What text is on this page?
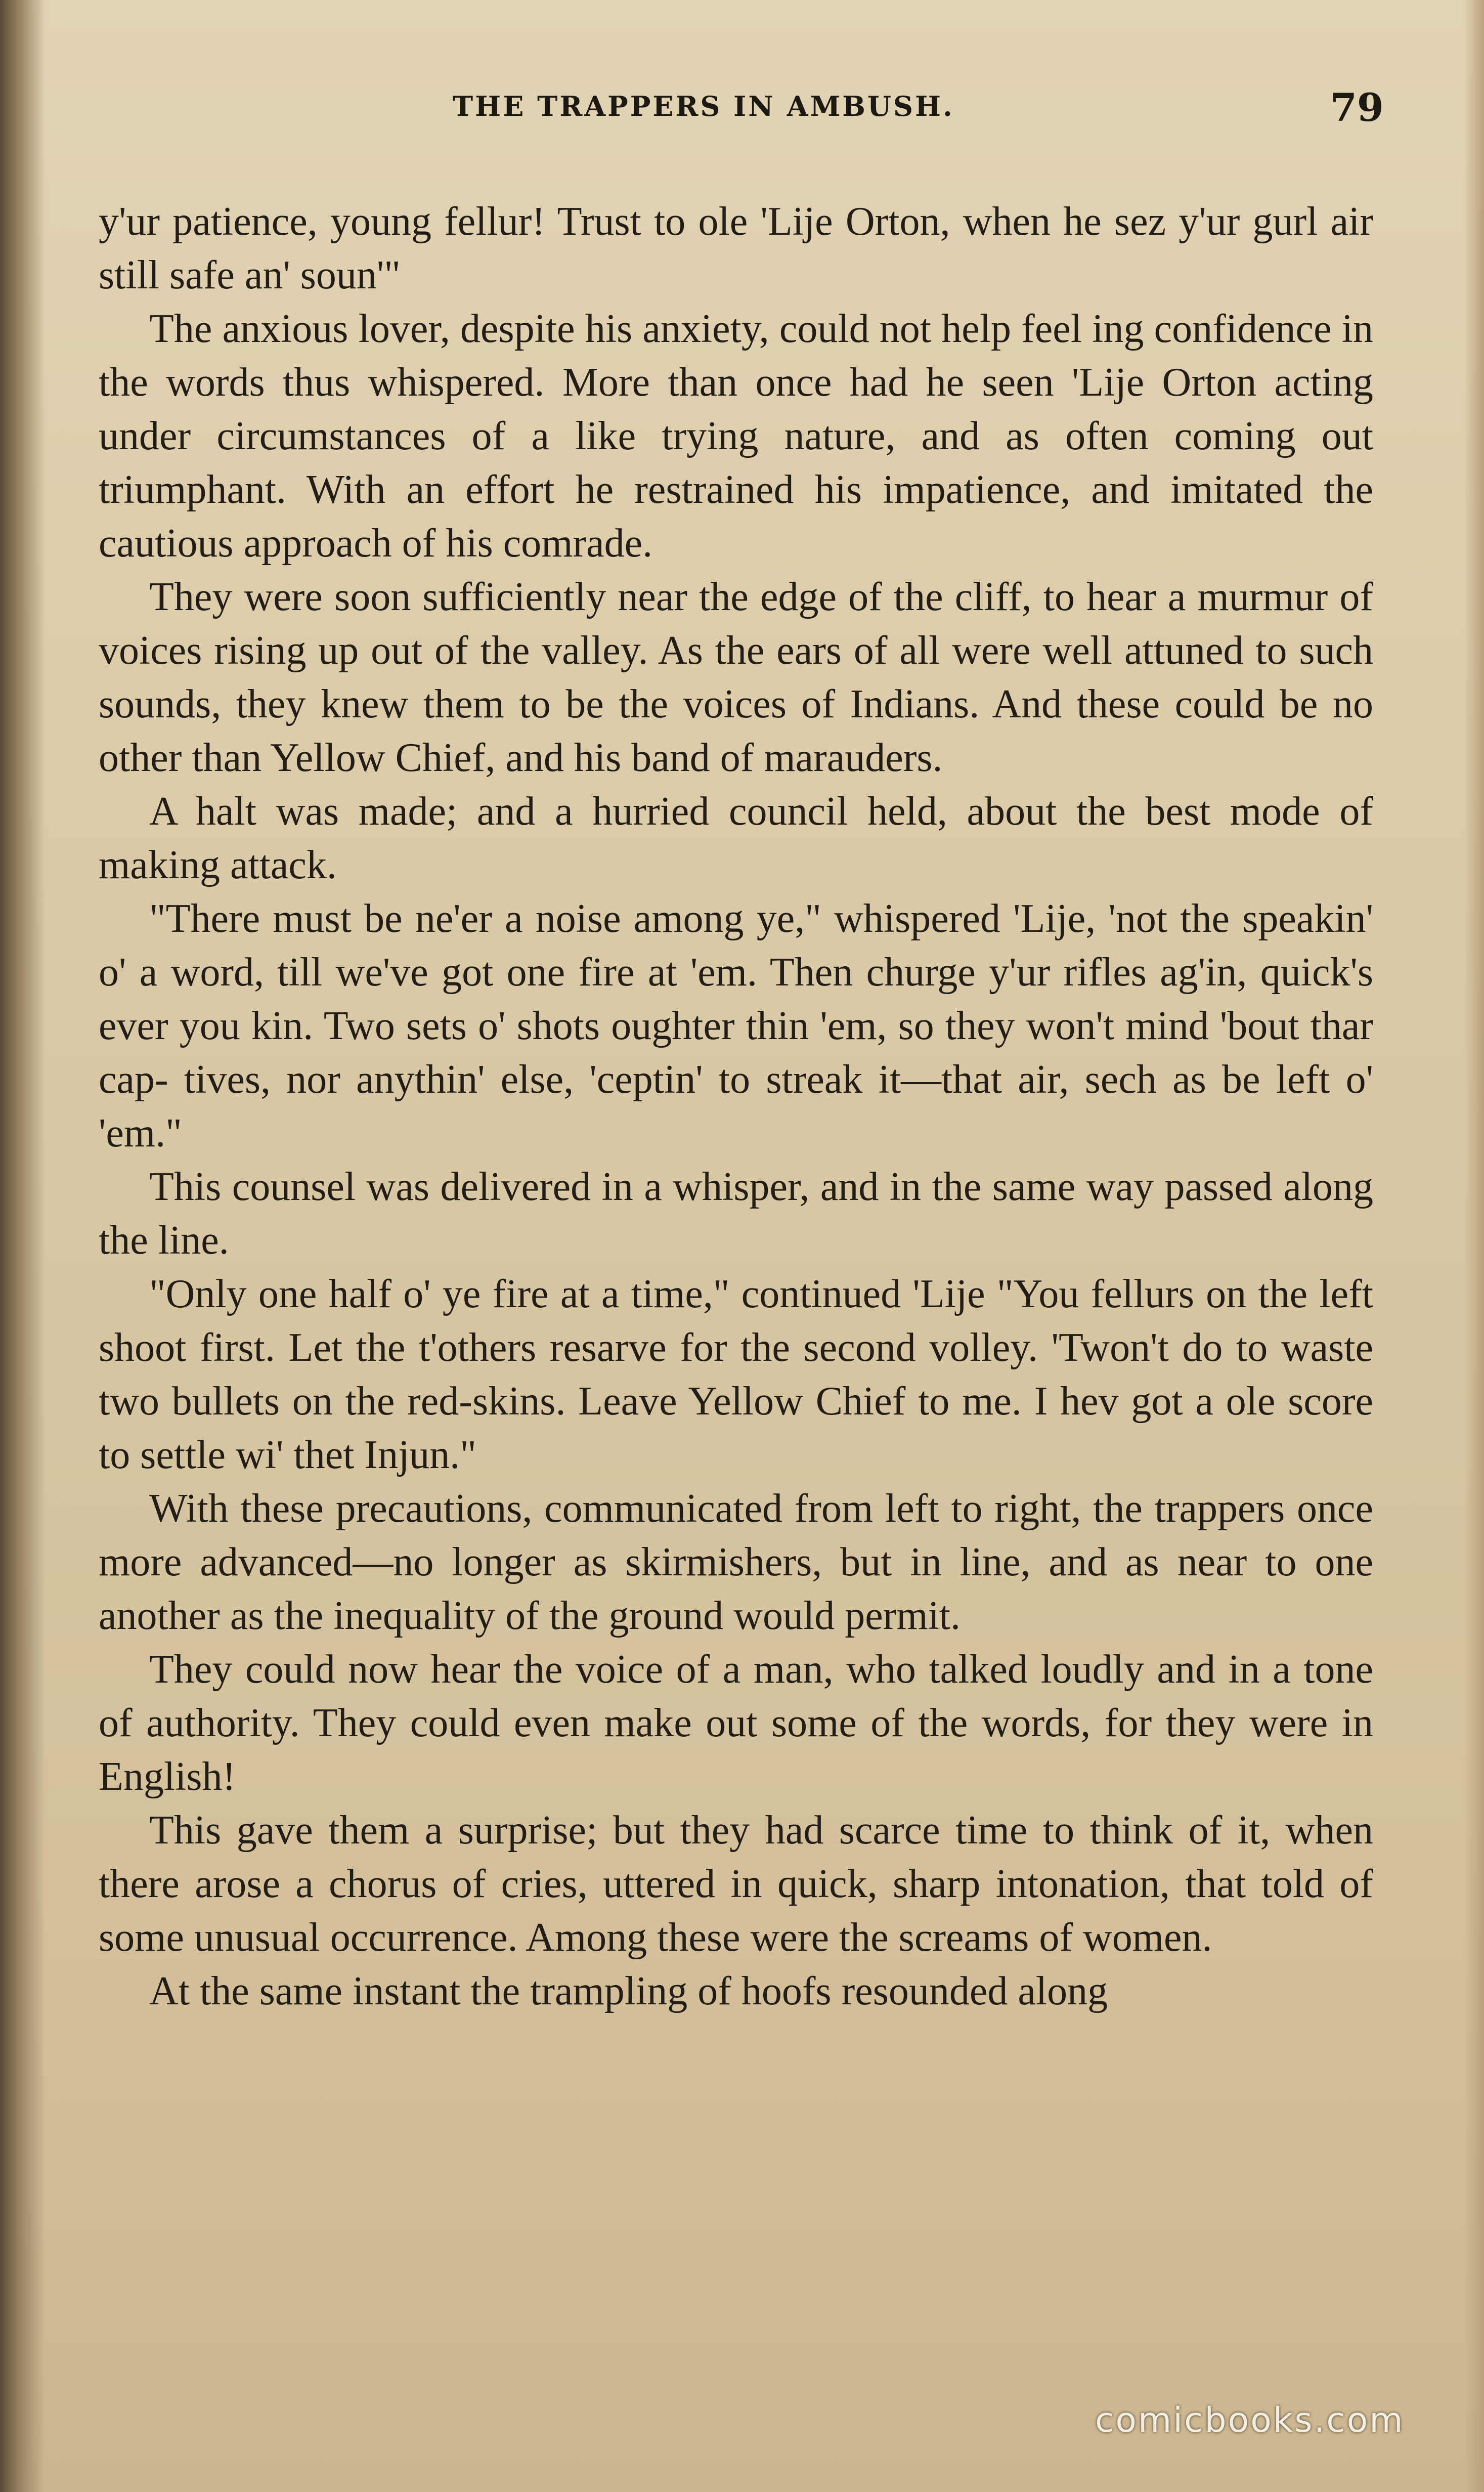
THE TRAPPERS IN AMBUSH.	79

y'ur patience, young fellur! Trust to ole 'Lije Orton, when he sez y'ur gurl air still safe an' soun'"

The anxious lover, despite his anxiety, could not help feel ing confidence in the words thus whispered. More than once had he seen 'Lije Orton acting under circumstances of a like trying nature, and as often coming out triumphant. With an effort he restrained his impatience, and imitated the cautious approach of his comrade.

They were soon sufficiently near the edge of the cliff, to hear a murmur of voices rising up out of the valley. As the ears of all were well attuned to such sounds, they knew them to be the voices of Indians. And these could be no other than Yellow Chief, and his band of marauders.

A halt was made; and a hurried council held, about the best mode of making attack.

"There must be ne'er a noise among ye," whispered 'Lije, 'not the speakin' o' a word, till we've got one fire at 'em. Then churge y'ur rifles ag'in, quick's ever you kin. Two sets o' shots oughter thin 'em, so they won't mind 'bout thar cap- tives, nor anythin' else, 'ceptin' to streak it—that air, sech as be left o' 'em."

This counsel was delivered in a whisper, and in the same way passed along the line.

"Only one half o' ye fire at a time," continued 'Lije "You fellurs on the left shoot first. Let the t'others resarve for the second volley. 'Twon't do to waste two bullets on the red-skins. Leave Yellow Chief to me. I hev got a ole score to settle wi' thet Injun."

With these precautions, communicated from left to right, the trappers once more advanced—no longer as skirmishers, but in line, and as near to one another as the inequality of the ground would permit.

They could now hear the voice of a man, who talked loudly and in a tone of authority. They could even make out some of the words, for they were in English!

This gave them a surprise; but they had scarce time to think of it, when there arose a chorus of cries, uttered in quick, sharp intonation, that told of some unusual occurrence. Among these were the screams of women.

At the same instant the trampling of hoofs resounded along

comicbooks.com
